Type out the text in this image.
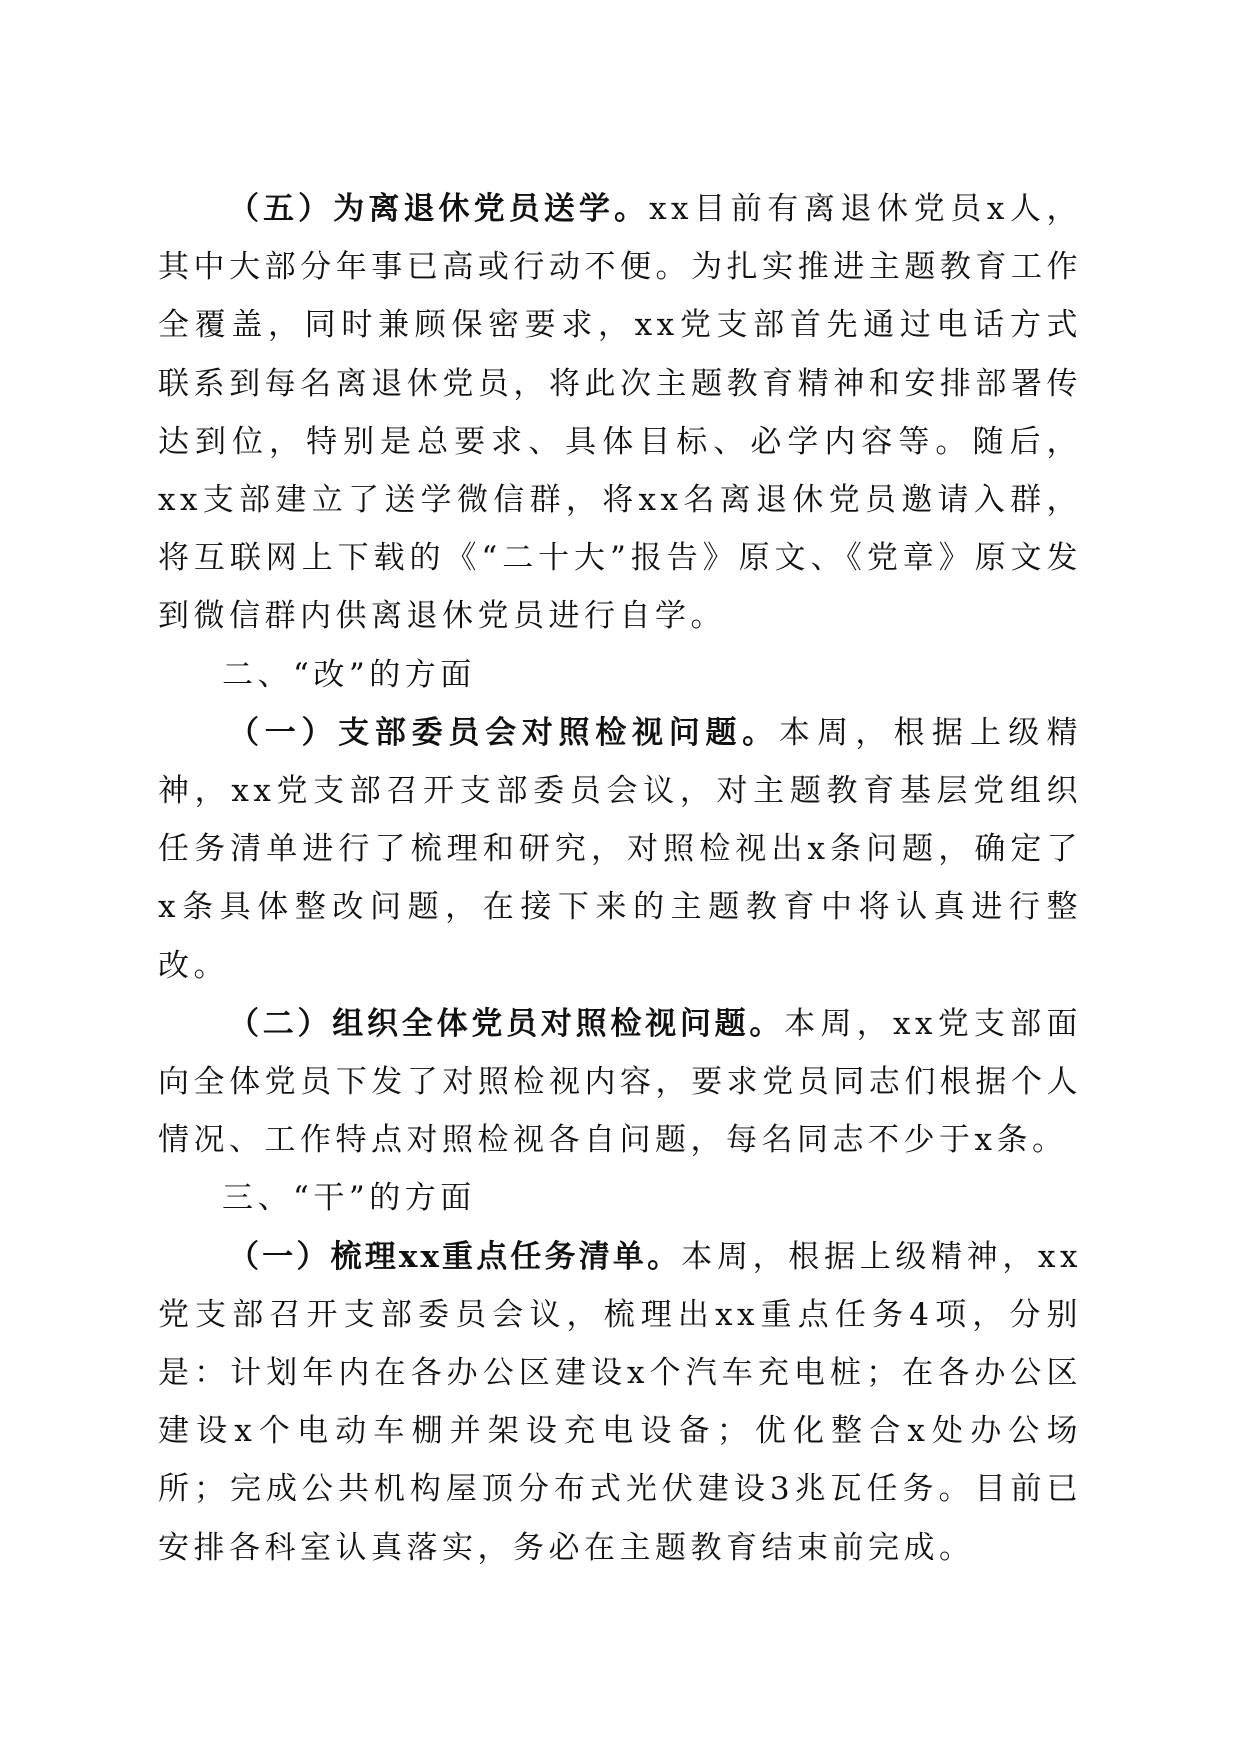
（五）为离退休党员送学。xx目前有离退休党员x人，其中大部分年事已高或行动不便。为扎实推进主题教育工作全覆盖，同时兼顾保密要求，xx党支部首先通过电话方式联系到每名离退休党员，将此次主题教育精神和安排部署传达到位，特别是总要求、具体目标、必学内容等。随后，xx支部建立了送学微信群，将xx名离退休党员邀请入群，将互联网上下载的《“二十大”报告》原文、《党章》原文发到微信群内供离退休党员进行自学。

二、“改”的方面

（一）支部委员会对照检视问题。本周，根据上级精神，xx党支部召开支部委员会议，对主题教育基层党组织任务清单进行了梳理和研究，对照检视出x条问题，确定了x条具体整改问题，在接下来的主题教育中将认真进行整改。

（二）组织全体党员对照检视问题。本周，xx党支部面向全体党员下发了对照检视内容，要求党员同志们根据个人情况、工作特点对照检视各自问题，每名同志不少于x条。

三、“干”的方面

（一）梳理xx重点任务清单。本周，根据上级精神，xx党支部召开支部委员会议，梳理出xx重点任务4项，分别是：计划年内在各办公区建设x个汽车充电桩；在各办公区建设x个电动车棚并架设充电设备；优化整合x处办公场所；完成公共机构屋顶分布式光伏建设3兆瓦任务。目前已安排各科室认真落实，务必在主题教育结束前完成。
